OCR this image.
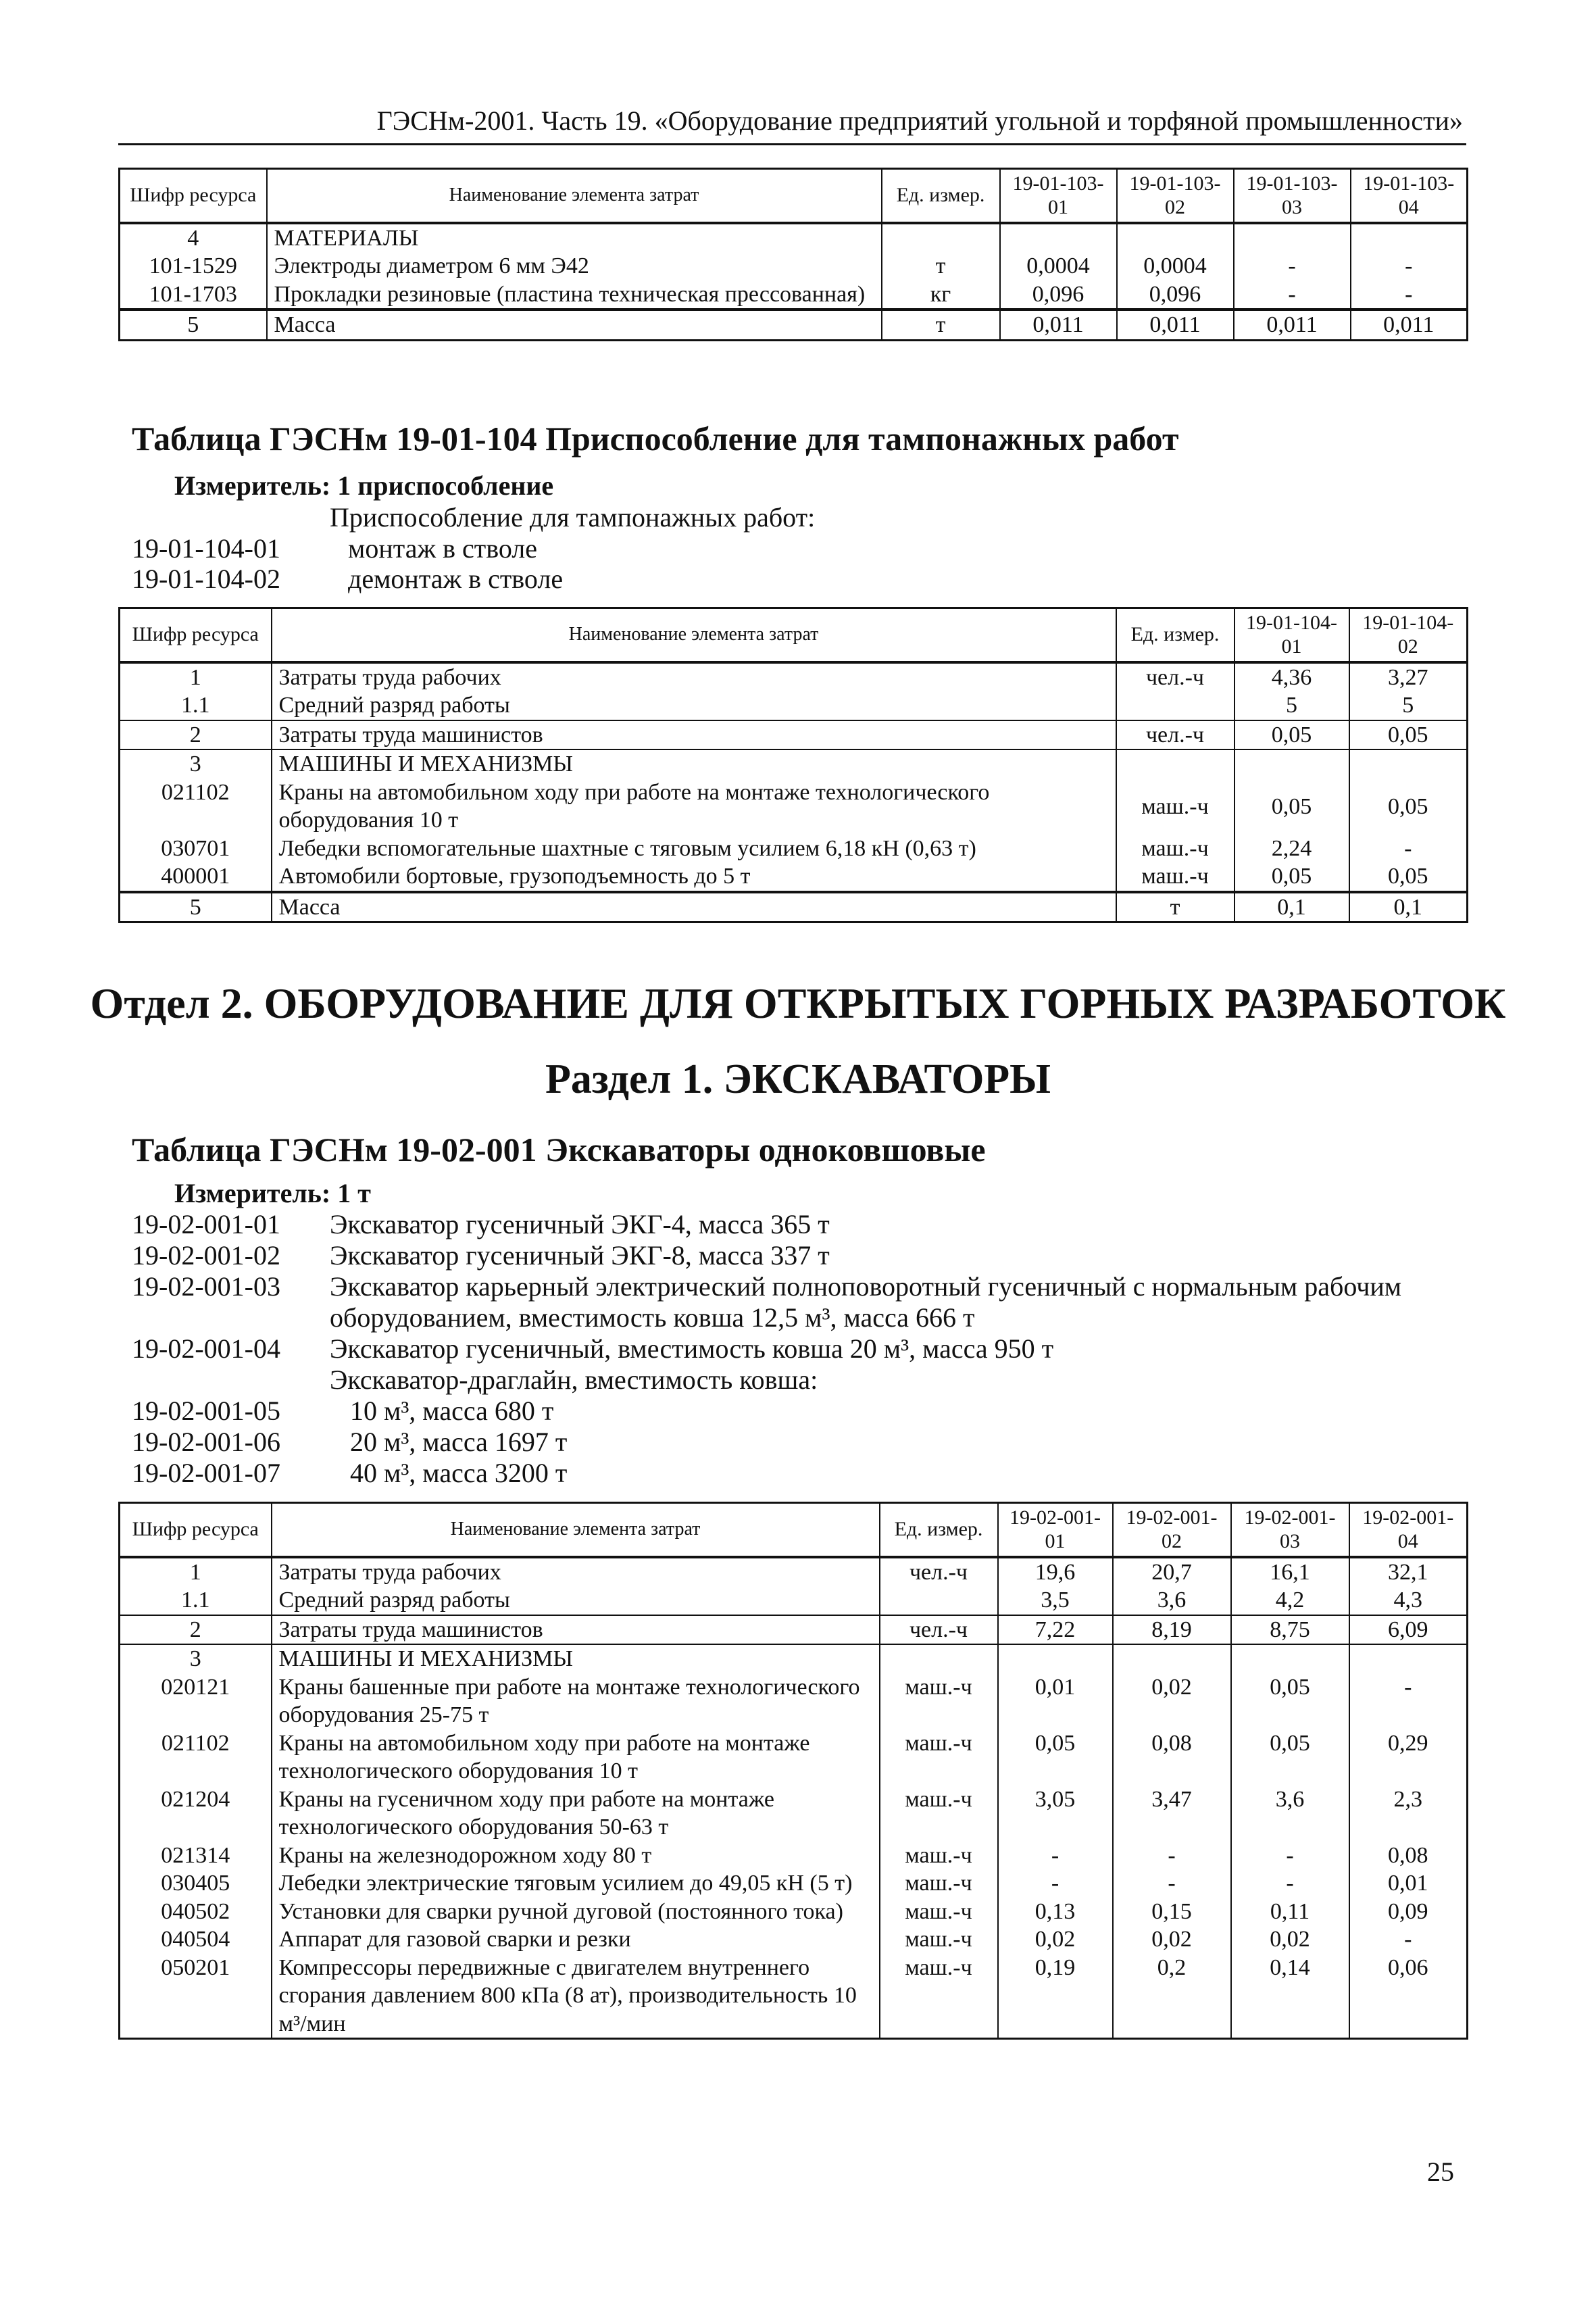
ГЭСНм-2001. Часть 19. «Оборудование предприятий угольной и торфяной промышленности»
Шифр ресурса	Наименование элемента затрат	Ед. измер.	19-01-103-01	19-01-103-02	19-01-103-03	19-01-103-04
4	МАТЕРИАЛЫ					
101-1529	Электроды диаметром 6 мм Э42	т	0,0004	0,0004	-	-
101-1703	Прокладки резиновые (пластина техническая прессованная)	кг	0,096	0,096	-	-
5	Масса	т	0,011	0,011	0,011	0,011
Таблица ГЭСНм 19-01-104 Приспособление для тампонажных работ
Измеритель: 1 приспособление
Приспособление для тампонажных работ:
19-01-104-01	монтаж в стволе
19-01-104-02	демонтаж в стволе
Шифр ресурса	Наименование элемента затрат	Ед. измер.	19-01-104-01	19-01-104-02
1	Затраты труда рабочих	чел.-ч	4,36	3,27
1.1	Средний разряд работы		5	5
2	Затраты труда машинистов	чел.-ч	0,05	0,05
3	МАШИНЫ И МЕХАНИЗМЫ			
021102	Краны на автомобильном ходу при работе на монтаже технологического оборудования 10 т	маш.-ч	0,05	0,05
030701	Лебедки вспомогательные шахтные с тяговым усилием 6,18 кН (0,63 т)	маш.-ч	2,24	-
400001	Автомобили бортовые, грузоподъемность до 5 т	маш.-ч	0,05	0,05
5	Масса	т	0,1	0,1
Отдел 2. ОБОРУДОВАНИЕ ДЛЯ ОТКРЫТЫХ ГОРНЫХ РАЗРАБОТОК
Раздел 1. ЭКСКАВАТОРЫ
Таблица ГЭСНм 19-02-001 Экскаваторы одноковшовые
Измеритель: 1 т
19-02-001-01 Экскаватор гусеничный ЭКГ-4, масса 365 т
19-02-001-02 Экскаватор гусеничный ЭКГ-8, масса 337 т
19-02-001-03 Экскаватор карьерный электрический полноповоротный гусеничный с нормальным рабочим
оборудованием, вместимость ковша 12,5 м³, масса 666 т
19-02-001-04 Экскаватор гусеничный, вместимость ковша 20 м³, масса 950 т
Экскаватор-драглайн, вместимость ковша:
19-02-001-05	10 м³, масса 680 т
19-02-001-06	20 м³, масса 1697 т
19-02-001-07	40 м³, масса 3200 т
Шифр ресурса	Наименование элемента затрат	Ед. измер.	19-02-001-01	19-02-001-02	19-02-001-03	19-02-001-04
1	Затраты труда рабочих	чел.-ч	19,6	20,7	16,1	32,1
1.1	Средний разряд работы		3,5	3,6	4,2	4,3
2	Затраты труда машинистов	чел.-ч	7,22	8,19	8,75	6,09
3	МАШИНЫ И МЕХАНИЗМЫ					
020121	Краны башенные при работе на монтаже технологического оборудования 25-75 т	маш.-ч	0,01	0,02	0,05	-
021102	Краны на автомобильном ходу при работе на монтаже технологического оборудования 10 т	маш.-ч	0,05	0,08	0,05	0,29
021204	Краны на гусеничном ходу при работе на монтаже технологического оборудования 50-63 т	маш.-ч	3,05	3,47	3,6	2,3
021314	Краны на железнодорожном ходу 80 т	маш.-ч	-	-	-	0,08
030405	Лебедки электрические тяговым усилием до 49,05 кН (5 т)	маш.-ч	-	-	-	0,01
040502	Установки для сварки ручной дуговой (постоянного тока)	маш.-ч	0,13	0,15	0,11	0,09
040504	Аппарат для газовой сварки и резки	маш.-ч	0,02	0,02	0,02	-
050201	Компрессоры передвижные с двигателем внутреннего сгорания давлением 800 кПа (8 ат), производительность 10 м³/мин	маш.-ч	0,19	0,2	0,14	0,06
25
